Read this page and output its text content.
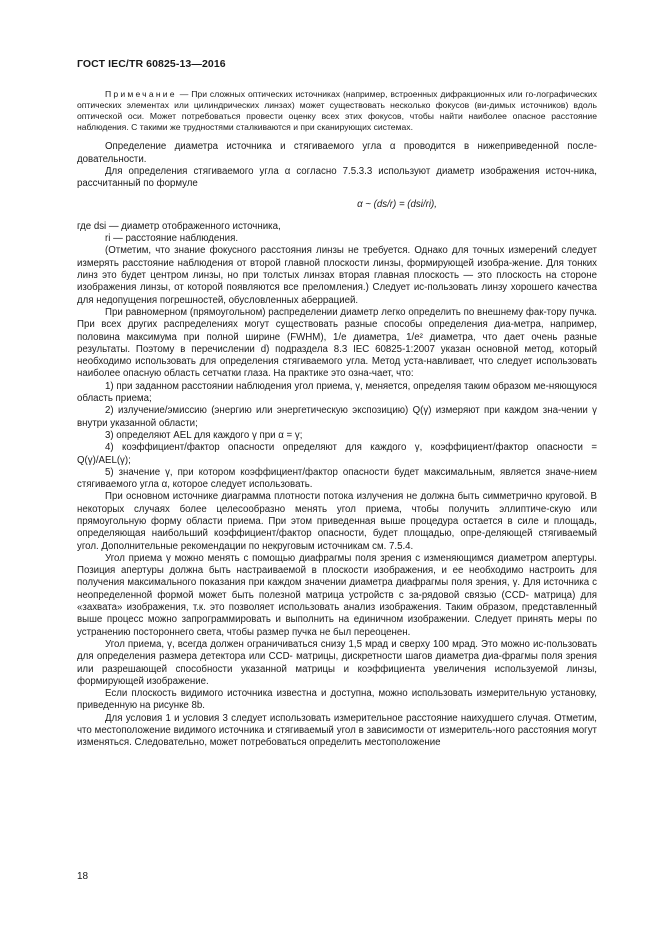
ГОСТ IEC/TR 60825-13—2016

Примечание — При сложных оптических источниках (например, встроенных дифракционных или го-лографических оптических элементах или цилиндрических линзах) может существовать несколько фокусов (ви-димых источников) вдоль оптической оси. Может потребоваться провести оценку всех этих фокусов, чтобы найти наиболее опасное расстояние наблюдения. С такими же трудностями сталкиваются и при сканирующих системах.

Определение диаметра источника и стягиваемого угла α проводится в нижеприведенной после-довательности.

Для определения стягиваемого угла α согласно 7.5.3.3 используют диаметр изображения источ-ника, рассчитанный по формуле

α ~ (ds/r) = (dsi/ri),

где dsi — диаметр отображенного источника,

ri — расстояние наблюдения.

(Отметим, что знание фокусного расстояния линзы не требуется. Однако для точных измерений следует измерять расстояние наблюдения от второй главной плоскости линзы, формирующей изобра-жение. Для тонких линз это будет центром линзы, но при толстых линзах вторая главная плоскость — это плоскость на стороне изображения линзы, от которой появляются все преломления.) Следует ис-пользовать линзу хорошего качества для недопущения погрешностей, обусловленных аберрацией.

При равномерном (прямоугольном) распределении диаметр легко определить по внешнему фак-тору пучка. При всех других распределениях могут существовать разные способы определения диа-метра, например, половина максимума при полной ширине (FWHM), 1/e диаметра, 1/e² диаметра, что дает очень разные результаты. Поэтому в перечислении d) подраздела 8.3 IEC 60825-1:2007 указан основной метод, который необходимо использовать для определения стягиваемого угла. Метод уста-навливает, что следует использовать наиболее опасную область сетчатки глаза. На практике это озна-чает, что:

1) при заданном расстоянии наблюдения угол приема, γ, меняется, определяя таким образом ме-няющуюся область приема;

2) излучение/эмиссию (энергию или энергетическую экспозицию) Q(γ) измеряют при каждом зна-чении γ внутри указанной области;

3) определяют AEL для каждого γ при α = γ;

4) коэффициент/фактор опасности определяют для каждого γ, коэффициент/фактор опасности = Q(γ)/AEL(γ);

5) значение γ, при котором коэффициент/фактор опасности будет максимальным, является значе-нием стягиваемого угла α, которое следует использовать.

При основном источнике диаграмма плотности потока излучения не должна быть симметрично круговой. В некоторых случаях более целесообразно менять угол приема, чтобы получить эллиптиче-скую или прямоугольную форму области приема. При этом приведенная выше процедура остается в силе и площадь, определяющая наибольший коэффициент/фактор опасности, будет площадью, опре-деляющей стягиваемый угол. Дополнительные рекомендации по некруговым источникам см. 7.5.4.

Угол приема γ можно менять с помощью диафрагмы поля зрения с изменяющимся диаметром апертуры. Позиция апертуры должна быть настраиваемой в плоскости изображения, и ее необходимо настроить для получения максимального показания при каждом значении диаметра диафрагмы поля зрения, γ. Для источника с неопределенной формой может быть полезной матрица устройств с за-рядовой связью (CCD- матрица) для «захвата» изображения, т.к. это позволяет использовать анализ изображения. Таким образом, представленный выше процесс можно запрограммировать и выполнить на единичном изображении. Следует принять меры по устранению постороннего света, чтобы размер пучка не был переоценен.

Угол приема, γ, всегда должен ограничиваться снизу 1,5 мрад и сверху 100 мрад. Это можно ис-пользовать для определения размера детектора или CCD- матрицы, дискретности шагов диаметра диа-фрагмы поля зрения или разрешающей способности указанной матрицы и коэффициента увеличения используемой линзы, формирующей изображение.

Если плоскость видимого источника известна и доступна, можно использовать измерительную установку, приведенную на рисунке 8b.

Для условия 1 и условия 3 следует использовать измерительное расстояние наихудшего случая. Отметим, что местоположение видимого источника и стягиваемый угол в зависимости от измеритель-ного расстояния могут изменяться. Следовательно, может потребоваться определить местоположение

18
